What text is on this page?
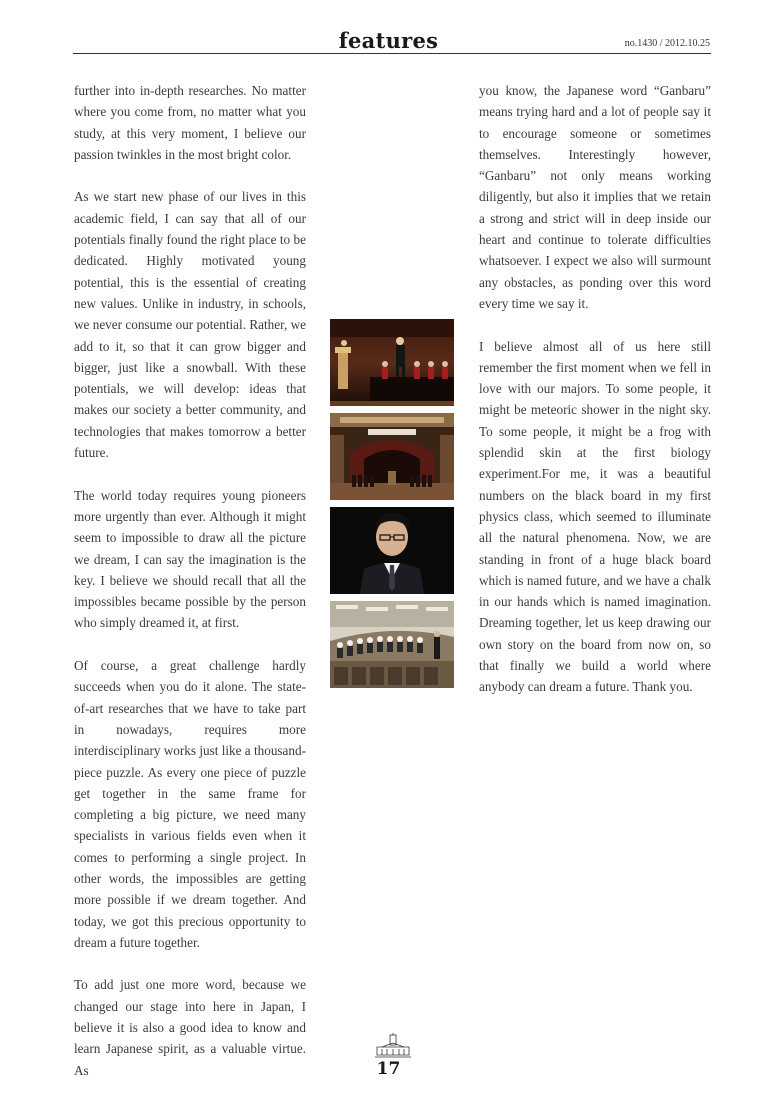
features	no.1430 / 2012.10.25

further into in-depth researches. No matter where you come from, no matter what you study, at this very moment, I believe our passion twinkles in the most bright color.

As we start new phase of our lives in this academic field, I can say that all of our potentials finally found the right place to be dedicated. Highly motivated young potential, this is the essential of creating new values. Unlike in industry, in schools, we never consume our potential. Rather, we add to it, so that it can grow bigger and bigger, just like a snowball. With these potentials, we will develop: ideas that makes our society a better community, and technologies that makes tomorrow a better future.

The world today requires young pioneers more urgently than ever. Although it might seem to impossible to draw all the picture we dream, I can say the imagination is the key. I believe we should recall that all the impossibles became possible by the person who simply dreamed it, at first.

Of course, a great challenge hardly succeeds when you do it alone. The state-of-art researches that we have to take part in nowadays, requires more interdisciplinary works just like a thousand-piece puzzle. As every one piece of puzzle get together in the same frame for completing a big picture, we need many specialists in various fields even when it comes to performing a single project. In other words, the impossibles are getting more possible if we dream together. And today, we got this precious opportunity to dream a future together.

To add just one more word, because we changed our stage into here in Japan, I believe it is also a good idea to know and learn Japanese spirit, as a valuable virtue. As

you know, the Japanese word “Ganbaru” means trying hard and a lot of people say it to encourage someone or sometimes themselves. Interestingly however, “Ganbaru” not only means working diligently, but also it implies that we retain a strong and strict will in deep inside our heart and continue to tolerate difficulties whatsoever. I expect we also will surmount any obstacles, as ponding over this word every time we say it.

I believe almost all of us here still remember the first moment when we fell in love with our majors. To some people, it might be meteoric shower in the night sky. To some people, it might be a frog with splendid skin at the first biology experiment.For me, it was a beautiful numbers on the black board in my first physics class, which seemed to illuminate all the natural phenomena. Now, we are standing in front of a huge black board which is named future, and we have a chalk in our hands which is named imagination. Dreaming together, let us keep drawing our own story on the board from now on, so that finally we build a world where anybody can dream a future. Thank you.

17
